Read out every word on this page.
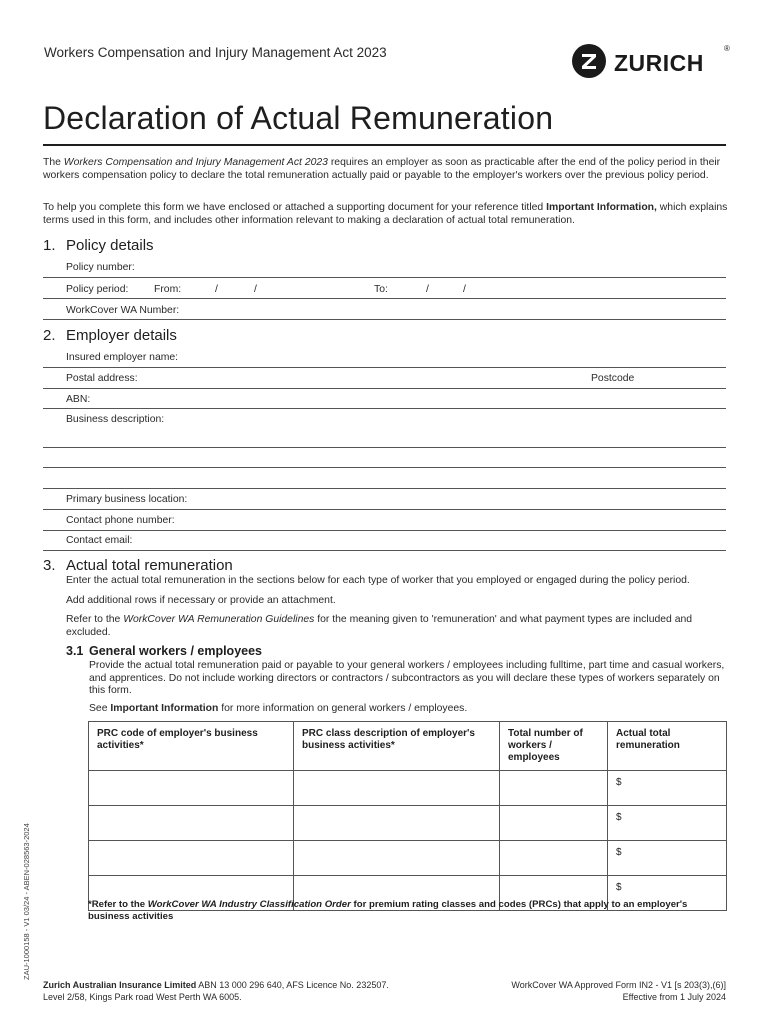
Workers Compensation and Injury Management Act 2023	ZURICH
®
Declaration of Actual Remuneration
The Workers Compensation and Injury Management Act 2023 requires an employer as soon as practicable after the end of the policy period in their workers compensation policy to declare the total remuneration actually paid or payable to the employer's workers over the previous policy period.
To help you complete this form we have enclosed or attached a supporting document for your reference titled Important Information, which explains terms used in this form, and includes other information relevant to making a declaration of actual total remuneration.
1. Policy details
Policy number:
Policy period: From:	/	/	To:	/	/
WorkCover WA Number:
2. Employer details
Insured employer name:
Postal address:	Postcode
ABN:
Business description:
Primary business location:
Contact phone number:
Contact email:
3. Actual total remuneration
Enter the actual total remuneration in the sections below for each type of worker that you employed or engaged during the policy period.
Add additional rows if necessary or provide an attachment.
Refer to the WorkCover WA Remuneration Guidelines for the meaning given to 'remuneration' and what payment types are included and excluded.
3.1 General workers / employees
Provide the actual total remuneration paid or payable to your general workers / employees including fulltime, part time and casual workers, and apprentices. Do not include working directors or contractors / subcontractors as you will declare these types of workers separately on this form.
See Important Information for more information on general workers / employees.
PRC code of employer's business activities*	PRC class description of employer's business activities*	Total number of workers / employees	Actual total remuneration
			$
			$
			$
			$
*Refer to the WorkCover WA Industry Classification Order for premium rating classes and codes (PRCs) that apply to an employer's business activities
ZAU-1000158 - V1 03/24 - ABEN-028563-2024
Zurich Australian Insurance Limited ABN 13 000 296 640, AFS Licence No. 232507.
Level 2/58, Kings Park road West Perth WA 6005.
WorkCover WA Approved Form IN2 - V1 [s 203(3),(6)]
Effective from 1 July 2024
